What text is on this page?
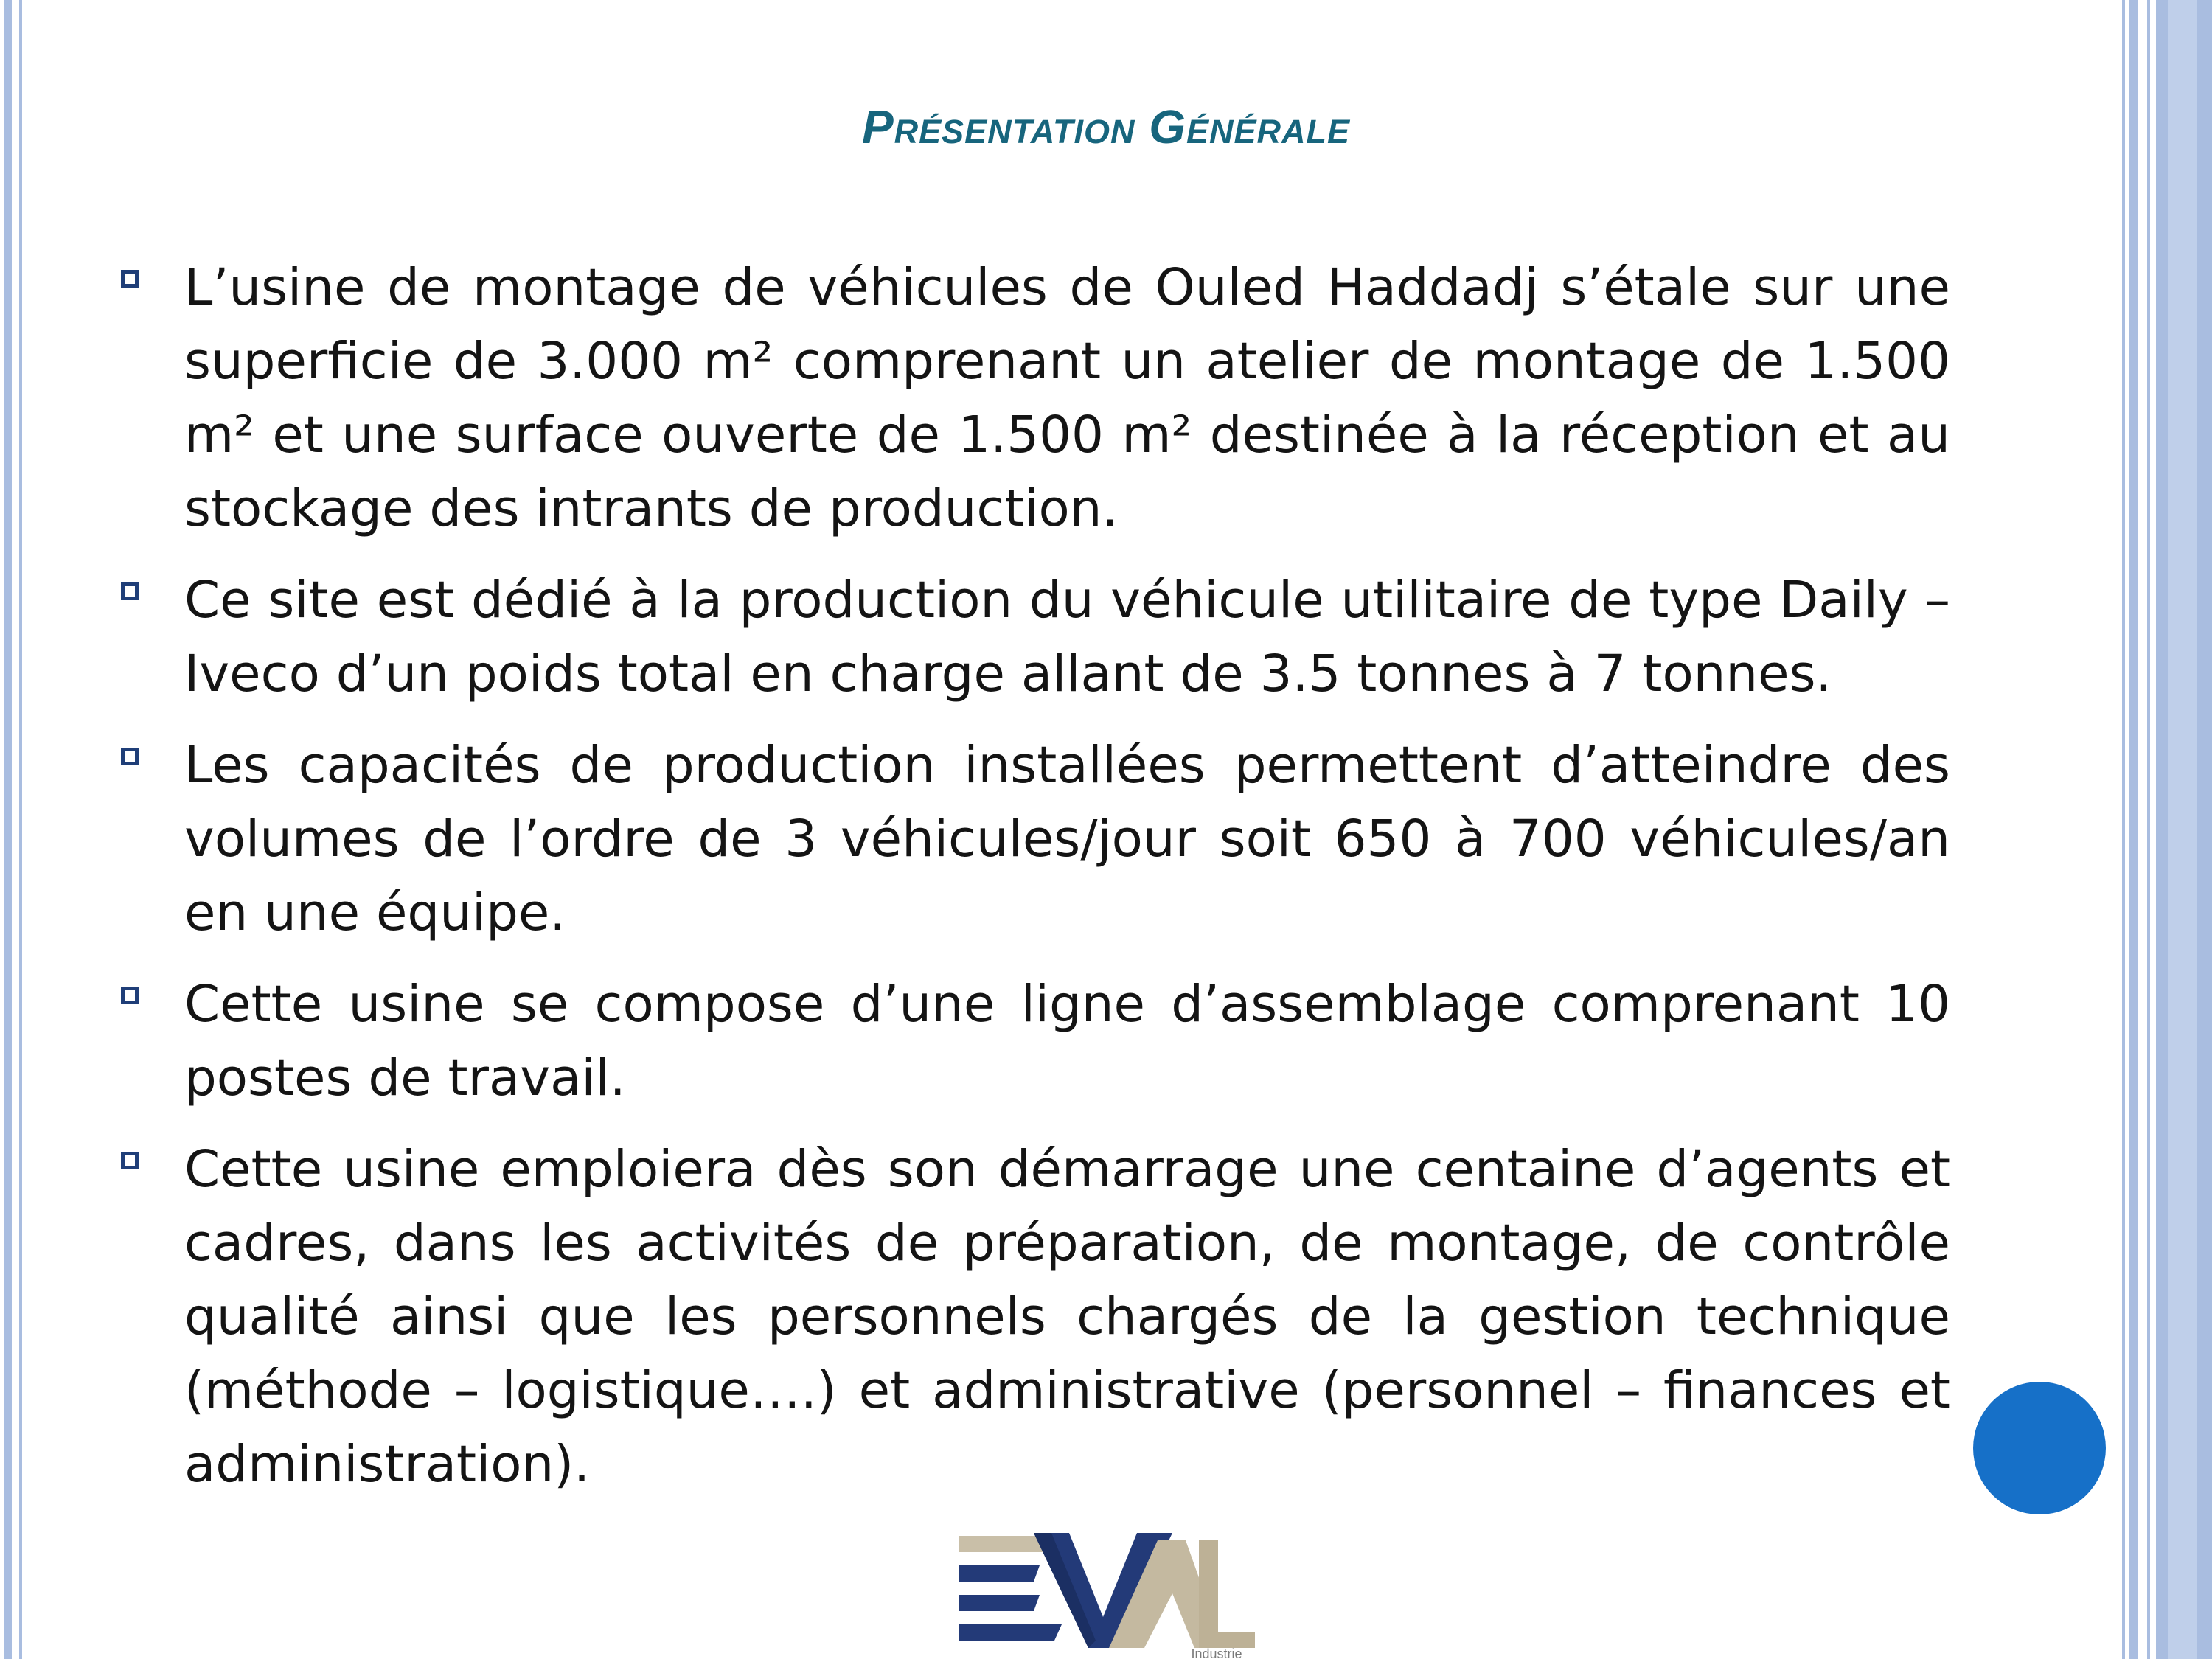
Présentation Générale
L’usine de montage de véhicules de Ouled Haddadj s’étale sur une superficie de 3.000 m² comprenant un atelier de montage de 1.500 m² et une surface ouverte de 1.500 m² destinée à la réception et au stockage des intrants de production.
Ce site est dédié à la production du véhicule utilitaire de type Daily – Iveco d’un poids total en charge allant de 3.5 tonnes à 7 tonnes.
Les capacités de production installées permettent d’atteindre des volumes de l’ordre de 3 véhicules/jour soit 650 à 700 véhicules/an en une équipe.
Cette usine se compose d’une ligne d’assemblage comprenant 10 postes de travail.
Cette usine emploiera dès son démarrage une centaine d’agents et cadres, dans les activités de préparation, de montage, de contrôle qualité ainsi que les personnels chargés de la gestion technique (méthode – logistique….) et administrative (personnel – finances et administration).
Industrie
